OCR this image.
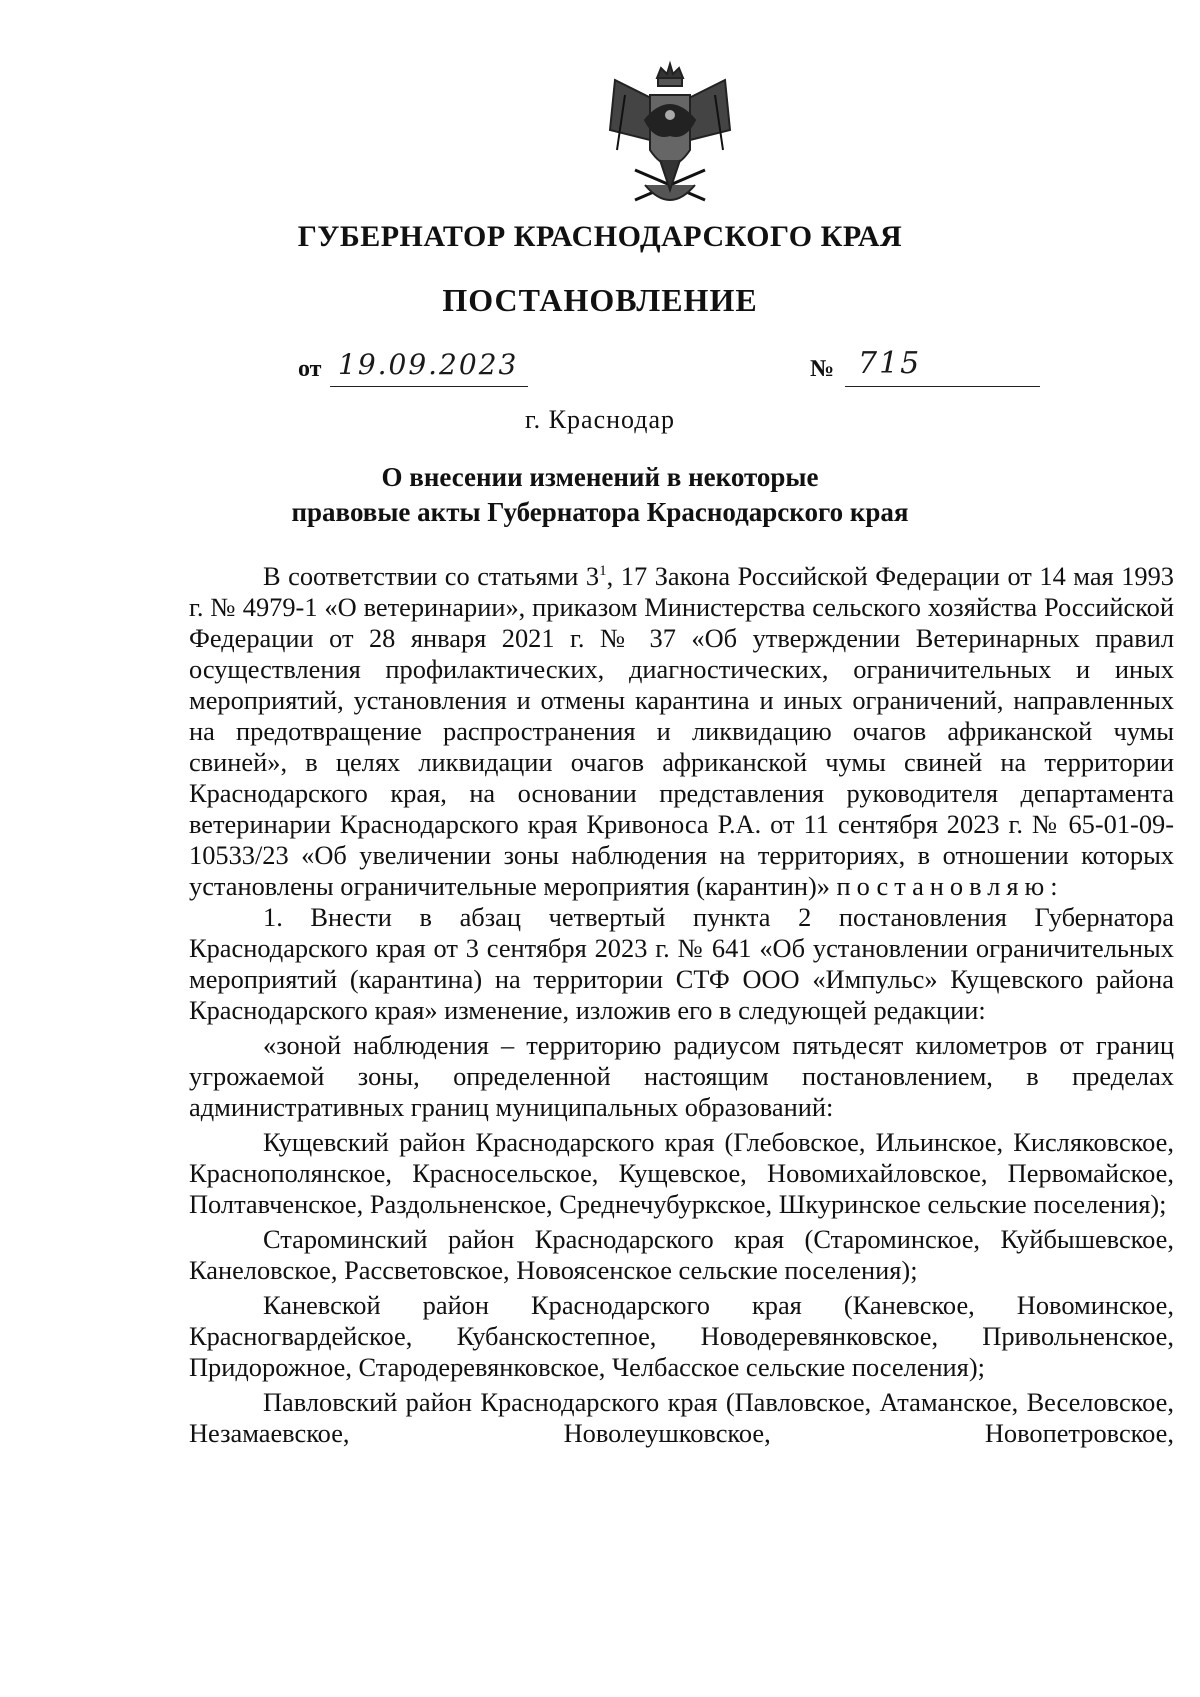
ГУБЕРНАТОР КРАСНОДАРСКОГО КРАЯ
ПОСТАНОВЛЕНИЕ
от 19.09.2023	№ 715
г. Краснодар
О внесении изменений в некоторые
правовые акты Губернатора Краснодарского края

В соответствии со статьями $3^1$, 17 Закона Российской Федерации от 14 мая 1993 г. № 4979-1 «О ветеринарии», приказом Министерства сельского хозяйства Российской Федерации от 28 января 2021 г. № 37 «Об утверждении Ветеринарных правил осуществления профилактических, диагностических, ограничительных и иных мероприятий, установления и отмены карантина и иных ограничений, направленных на предотвращение распространения и ликвидацию очагов африканской чумы свиней», в целях ликвидации очагов африканской чумы свиней на территории Краснодарского края, на основании представления руководителя департамента ветеринарии Краснодарского края Кривоноса Р.А. от 11 сентября 2023 г. № 65-01-09-10533/23 «Об увеличении зоны наблюдения на территориях, в отношении которых установлены ограничительные мероприятия (карантин)» постановляю:

1. Внести в абзац четвертый пункта 2 постановления Губернатора Краснодарского края от 3 сентября 2023 г. № 641 «Об установлении ограничительных мероприятий (карантина) на территории СТФ ООО «Импульс» Кущевского района Краснодарского края» изменение, изложив его в следующей редакции:

«зоной наблюдения – территорию радиусом пятьдесят километров от границ угрожаемой зоны, определенной настоящим постановлением, в пределах административных границ муниципальных образований:

Кущевский район Краснодарского края (Глебовское, Ильинское, Кисляковское, Краснополянское, Красносельское, Кущевское, Новомихайловское, Первомайское, Полтавченское, Раздольненское, Среднечубуркское, Шкуринское сельские поселения);

Староминский район Краснодарского края (Староминское, Куйбышевское, Канеловское, Рассветовское, Новоясенское сельские поселения);

Каневской район Краснодарского края (Каневское, Новоминское, Красногвардейское, Кубанскостепное, Новодеревянковское, Привольненское, Придорожное, Стародеревянковское, Челбасское сельские поселения);

Павловский район Краснодарского края (Павловское, Атаманское, Веселовское, Незамаевское, Новолеушковское, Новопетровское,
